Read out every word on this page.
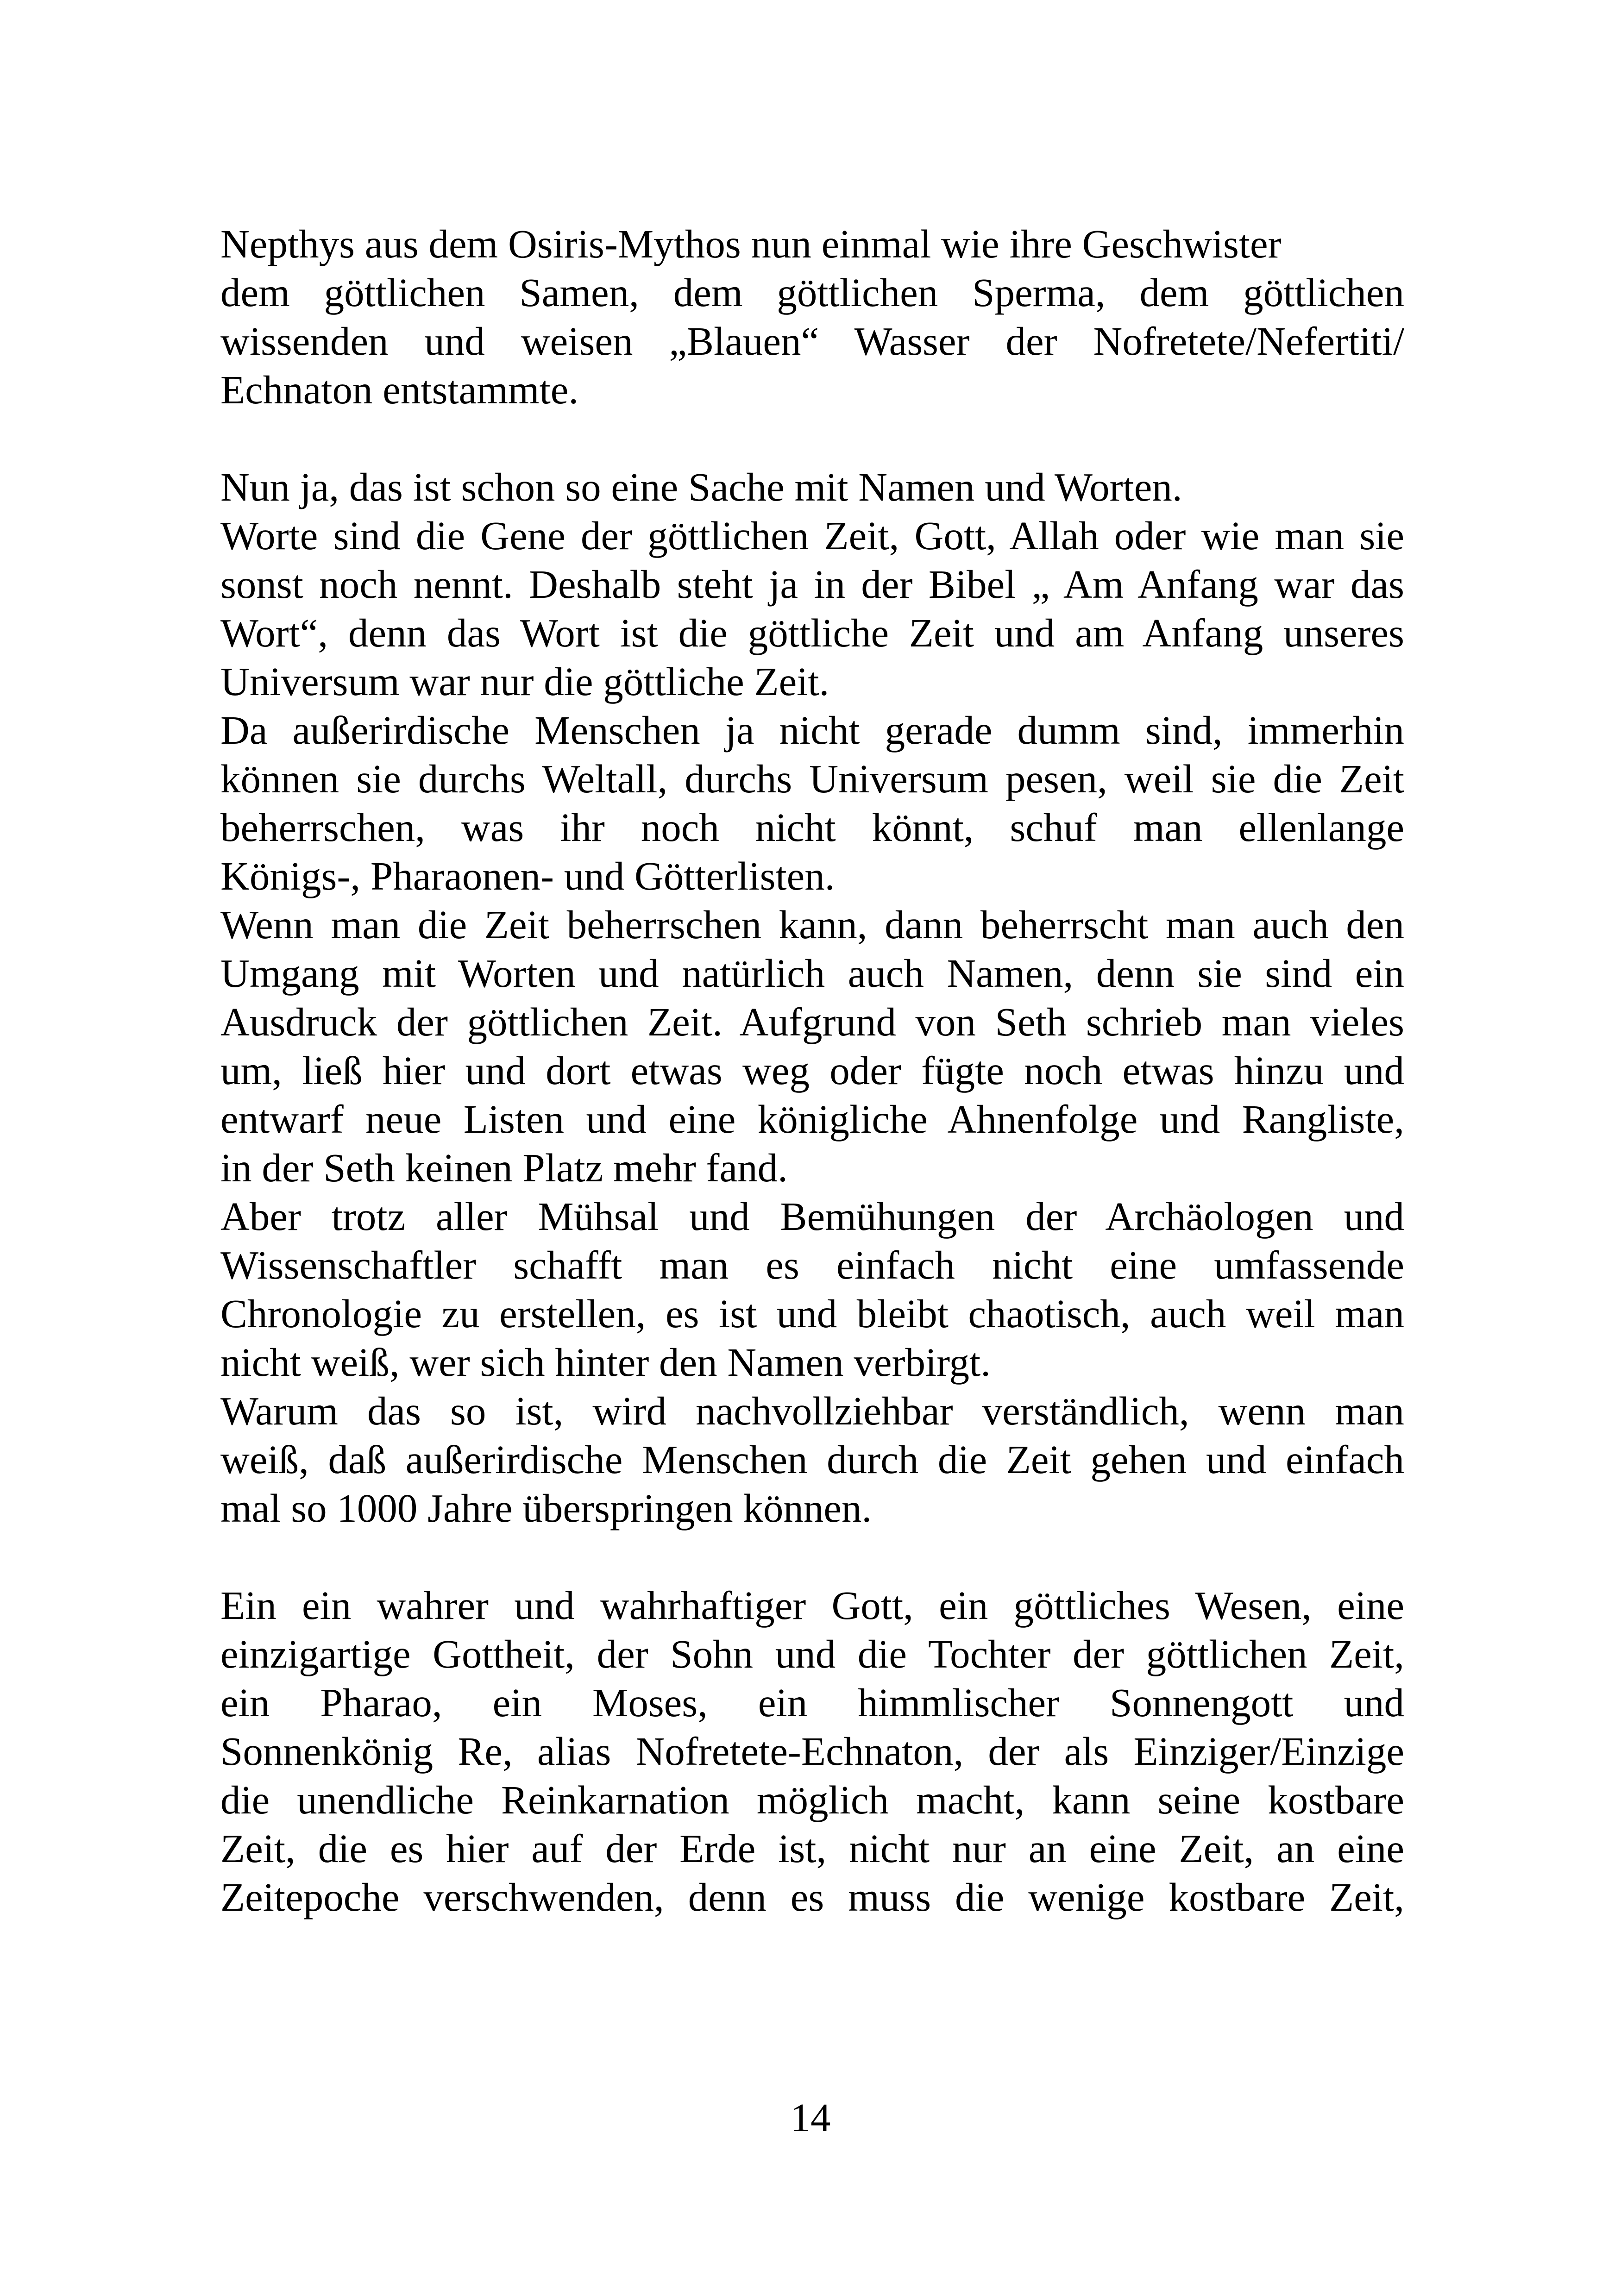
Nepthys aus dem Osiris-Mythos nun einmal wie ihre Geschwister
dem göttlichen Samen, dem göttlichen Sperma, dem göttlichen
wissenden und weisen „Blauen“ Wasser der Nofretete/Nefertiti/
Echnaton entstammte.
Nun ja, das ist schon so eine Sache mit Namen und Worten.
Worte sind die Gene der göttlichen Zeit, Gott, Allah oder wie man sie
sonst noch nennt. Deshalb steht ja in der Bibel „ Am Anfang war das
Wort“, denn das Wort ist die göttliche Zeit und am Anfang unseres
Universum war nur die göttliche Zeit.
Da außerirdische Menschen ja nicht gerade dumm sind, immerhin
können sie durchs Weltall, durchs Universum pesen, weil sie die Zeit
beherrschen, was ihr noch nicht könnt, schuf man ellenlange
Königs-, Pharaonen- und Götterlisten.
Wenn man die Zeit beherrschen kann, dann beherrscht man auch den
Umgang mit Worten und natürlich auch Namen, denn sie sind ein
Ausdruck der göttlichen Zeit. Aufgrund von Seth schrieb man vieles
um, ließ hier und dort etwas weg oder fügte noch etwas hinzu und
entwarf neue Listen und eine königliche Ahnenfolge und Rangliste,
in der Seth keinen Platz mehr fand.
Aber trotz aller Mühsal und Bemühungen der Archäologen und
Wissenschaftler schafft man es einfach nicht eine umfassende
Chronologie zu erstellen, es ist und bleibt chaotisch, auch weil man
nicht weiß, wer sich hinter den Namen verbirgt.
Warum das so ist, wird nachvollziehbar verständlich, wenn man
weiß, daß außerirdische Menschen durch die Zeit gehen und einfach
mal so 1000 Jahre überspringen können.
Ein ein wahrer und wahrhaftiger Gott, ein göttliches Wesen, eine
einzigartige Gottheit, der Sohn und die Tochter der göttlichen Zeit,
ein Pharao, ein Moses, ein himmlischer Sonnengott und
Sonnenkönig Re, alias Nofretete-Echnaton, der als Einziger/Einzige
die unendliche Reinkarnation möglich macht, kann seine kostbare
Zeit, die es hier auf der Erde ist, nicht nur an eine Zeit, an eine
Zeitepoche verschwenden, denn es muss die wenige kostbare Zeit,
14
